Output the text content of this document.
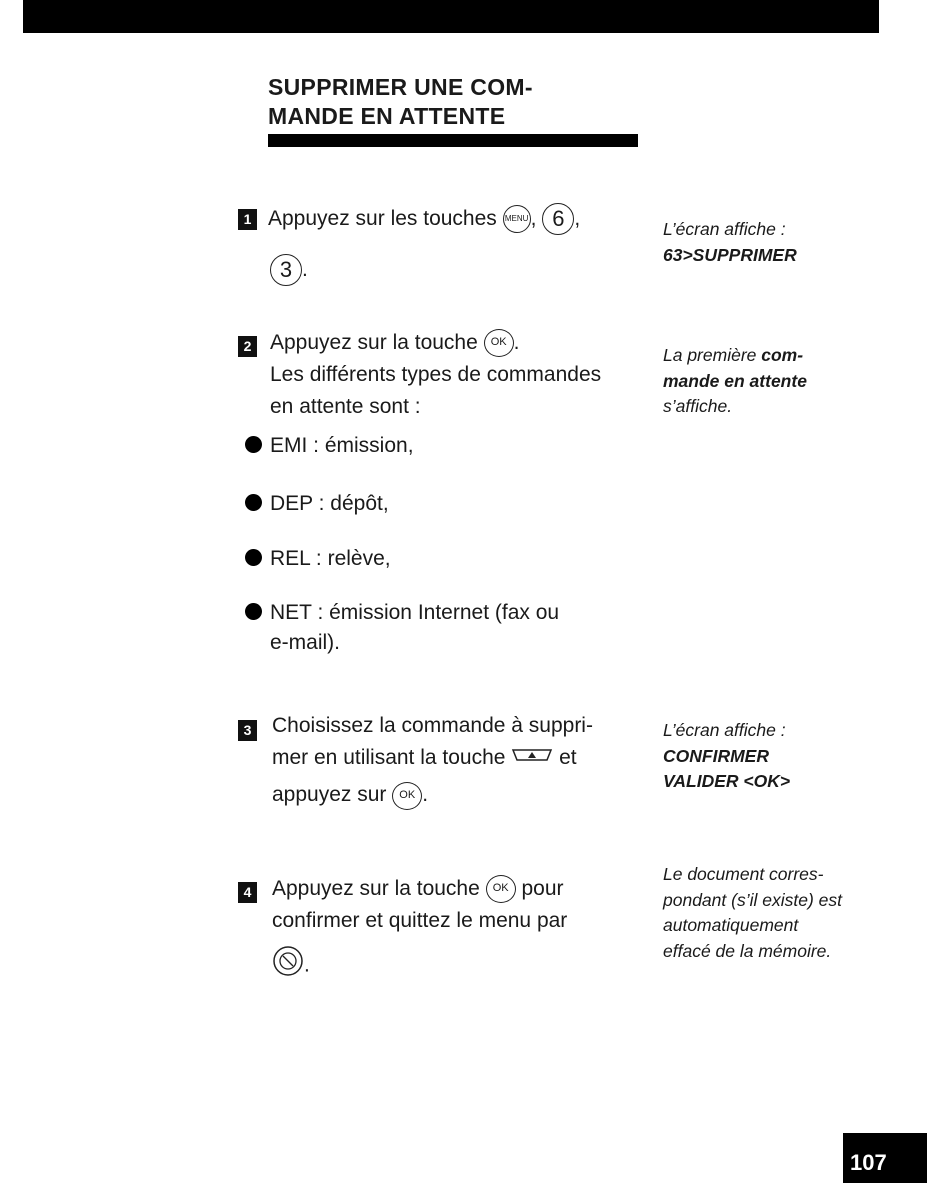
SUPPRIMER UNE COM-
MANDE EN ATTENTE
1 Appuyez sur les touches MENU , 6 ,
3 .
L’écran affiche :
63>SUPPRIMER
2 Appuyez sur la touche OK .
Les différents types de commandes
en attente sont :
EMI : émission,
DEP : dépôt,
REL : relève,
NET : émission Internet (fax ou
e-mail).
La première com-
mande en attente
s’affiche.
3 Choisissez la commande à suppri-
mer en utilisant la touche  et
appuyez sur OK .
L’écran affiche :
CONFIRMER
VALIDER <OK>
4 Appuyez sur la touche OK pour
confirmer et quittez le menu par
.
Le document corres-
pondant (s’il existe) est
automatiquement
effacé de la mémoire.
107
